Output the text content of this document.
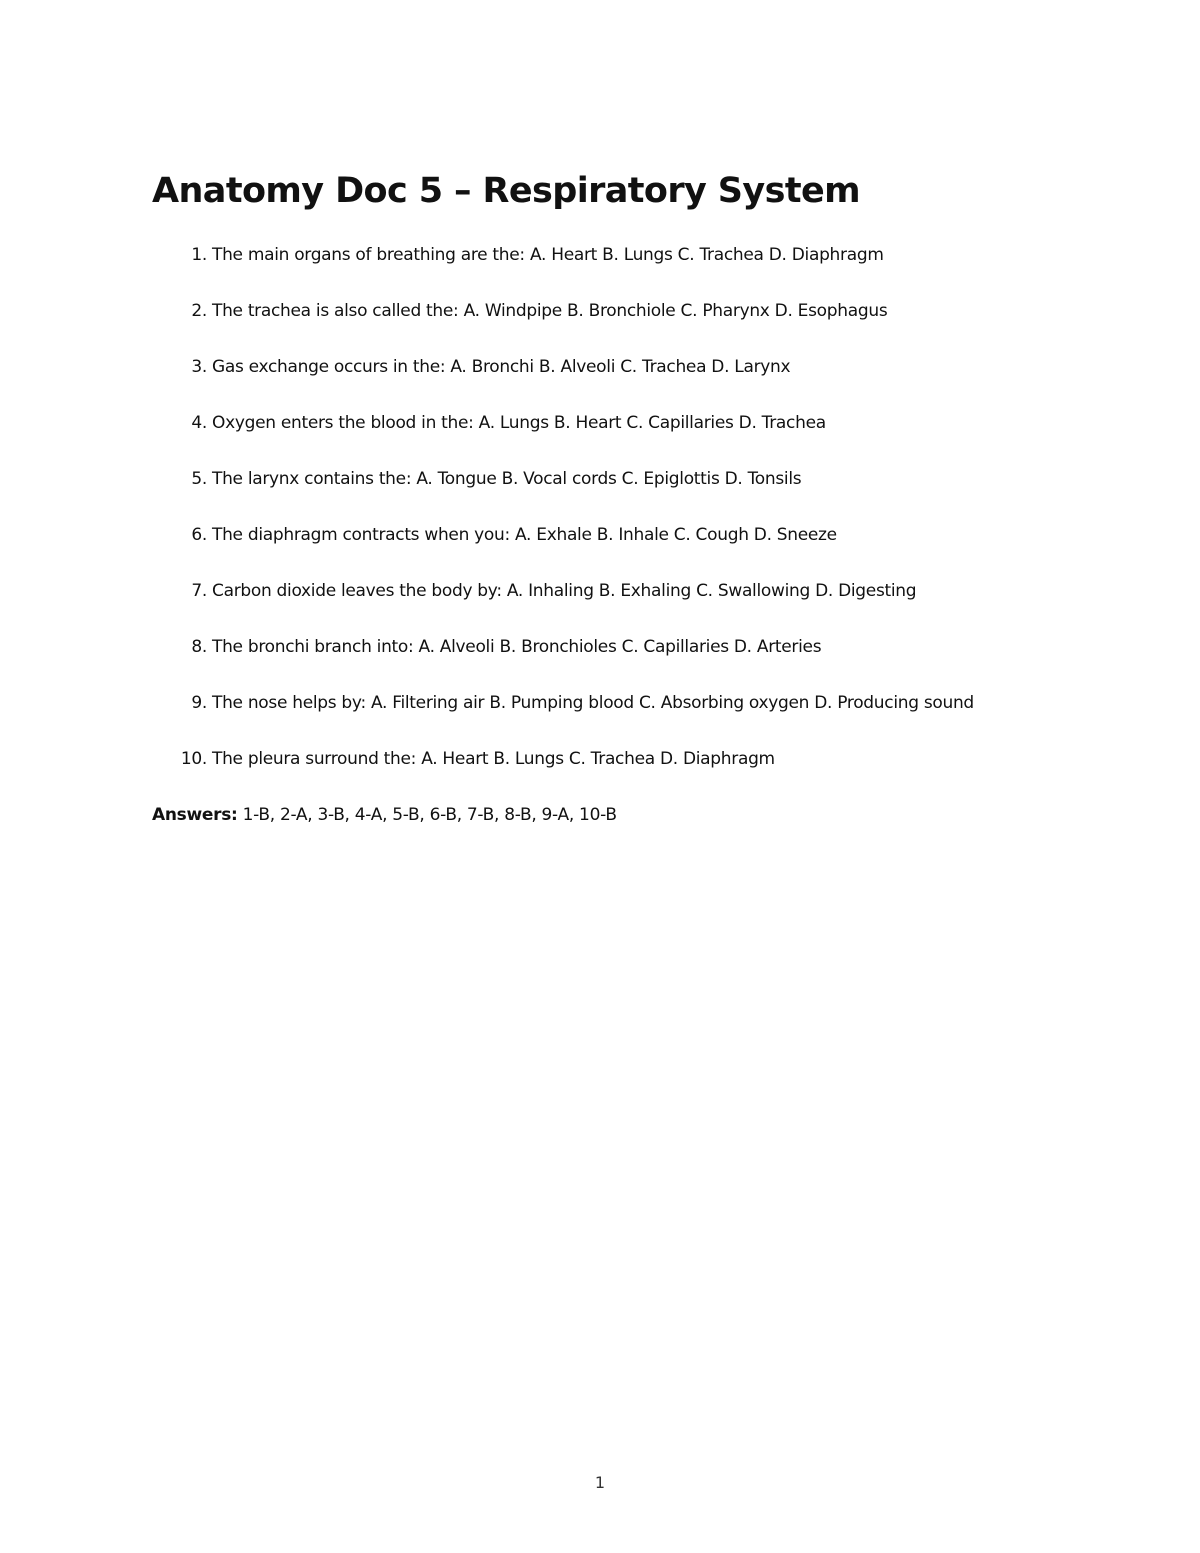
Anatomy Doc 5 – Respiratory System
1. The main organs of breathing are the: A. Heart B. Lungs C. Trachea D. Diaphragm
2. The trachea is also called the: A. Windpipe B. Bronchiole C. Pharynx D. Esophagus
3. Gas exchange occurs in the: A. Bronchi B. Alveoli C. Trachea D. Larynx
4. Oxygen enters the blood in the: A. Lungs B. Heart C. Capillaries D. Trachea
5. The larynx contains the: A. Tongue B. Vocal cords C. Epiglottis D. Tonsils
6. The diaphragm contracts when you: A. Exhale B. Inhale C. Cough D. Sneeze
7. Carbon dioxide leaves the body by: A. Inhaling B. Exhaling C. Swallowing D. Digesting
8. The bronchi branch into: A. Alveoli B. Bronchioles C. Capillaries D. Arteries
9. The nose helps by: A. Filtering air B. Pumping blood C. Absorbing oxygen D. Producing sound
10. The pleura surround the: A. Heart B. Lungs C. Trachea D. Diaphragm
Answers: 1-B, 2-A, 3-B, 4-A, 5-B, 6-B, 7-B, 8-B, 9-A, 10-B
1
